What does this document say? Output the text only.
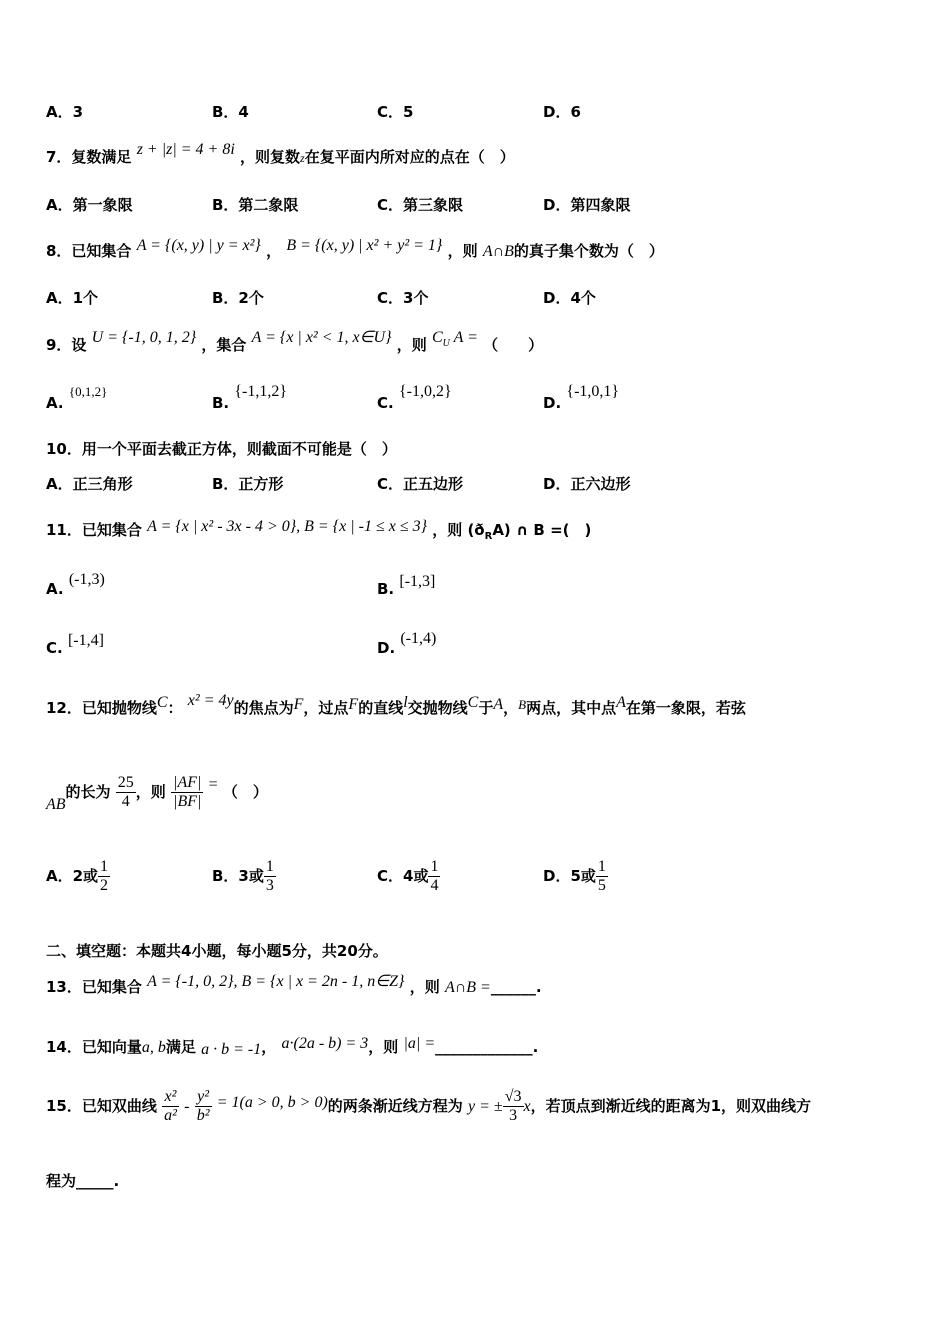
A．3	B．4	C．5	D．6
7．复数满足 z + |z| = 4 + 8i ，则复数z在复平面内所对应的点在（　）
A．第一象限	B．第二象限	C．第三象限	D．第四象限
8．已知集合 A = {(x, y) | y = x²} ， B = {(x, y) | x² + y² = 1} ，则 A∩B的真子集个数为（　）
A．1个	B．2个	C．3个	D．4个
9．设 U = {-1, 0, 1, 2} ，集合 A = {x | x² < 1, x∈U} ，则 $C_U$ A = （　　）
A. {0,1,2}
B. {-1,1,2}
C. {-1,0,2}
D. {-1,0,1}
10．用一个平面去截正方体，则截面不可能是（　）
A．正三角形	B．正方形	C．正五边形	D．正六边形
11．已知集合 A = {x | x² - 3x - 4 > 0}, B = {x | -1 ≤ x ≤ 3} ，则 $(ð_RA)$ ∩ B =(　)
A. (-1,3)
B. [-1,3]
C. [-1,4]	D. (-1,4)
12．已知抛物线C： x² = 4y的焦点为F，过点F的直线l交抛物线C于A，B两点，其中点A在第一象限，若弦
AB的长为 $\frac{25}{4}$ ，则 $\frac{|AF|}{|BF|}$ = （　）
A．2或 $\frac{1}{2}$	B．3或 $\frac{1}{3}$	C．4或 $\frac{1}{4}$	D．5或 $\frac{1}{5}$
二、填空题：本题共4小题，每小题5分，共20分。
13．已知集合 A = {-1, 0, 2}, B = {x | x = 2n - 1, n∈Z} ，则 A∩B =______.
14．已知向量a, b满足 a · b = -1， a·(2a - b) = 3，则 |a| =_____________.
15．已知双曲线 $\frac{\text{x²}}{\text{a²}} - \frac{\text{y²}}{\text{b²}} = 1(a > 0$, b > 0)的两条渐近线方程为 y = ± $\frac{√3}{3}$ x，若顶点到渐近线的距离为1，则双曲线方
程为_____.
